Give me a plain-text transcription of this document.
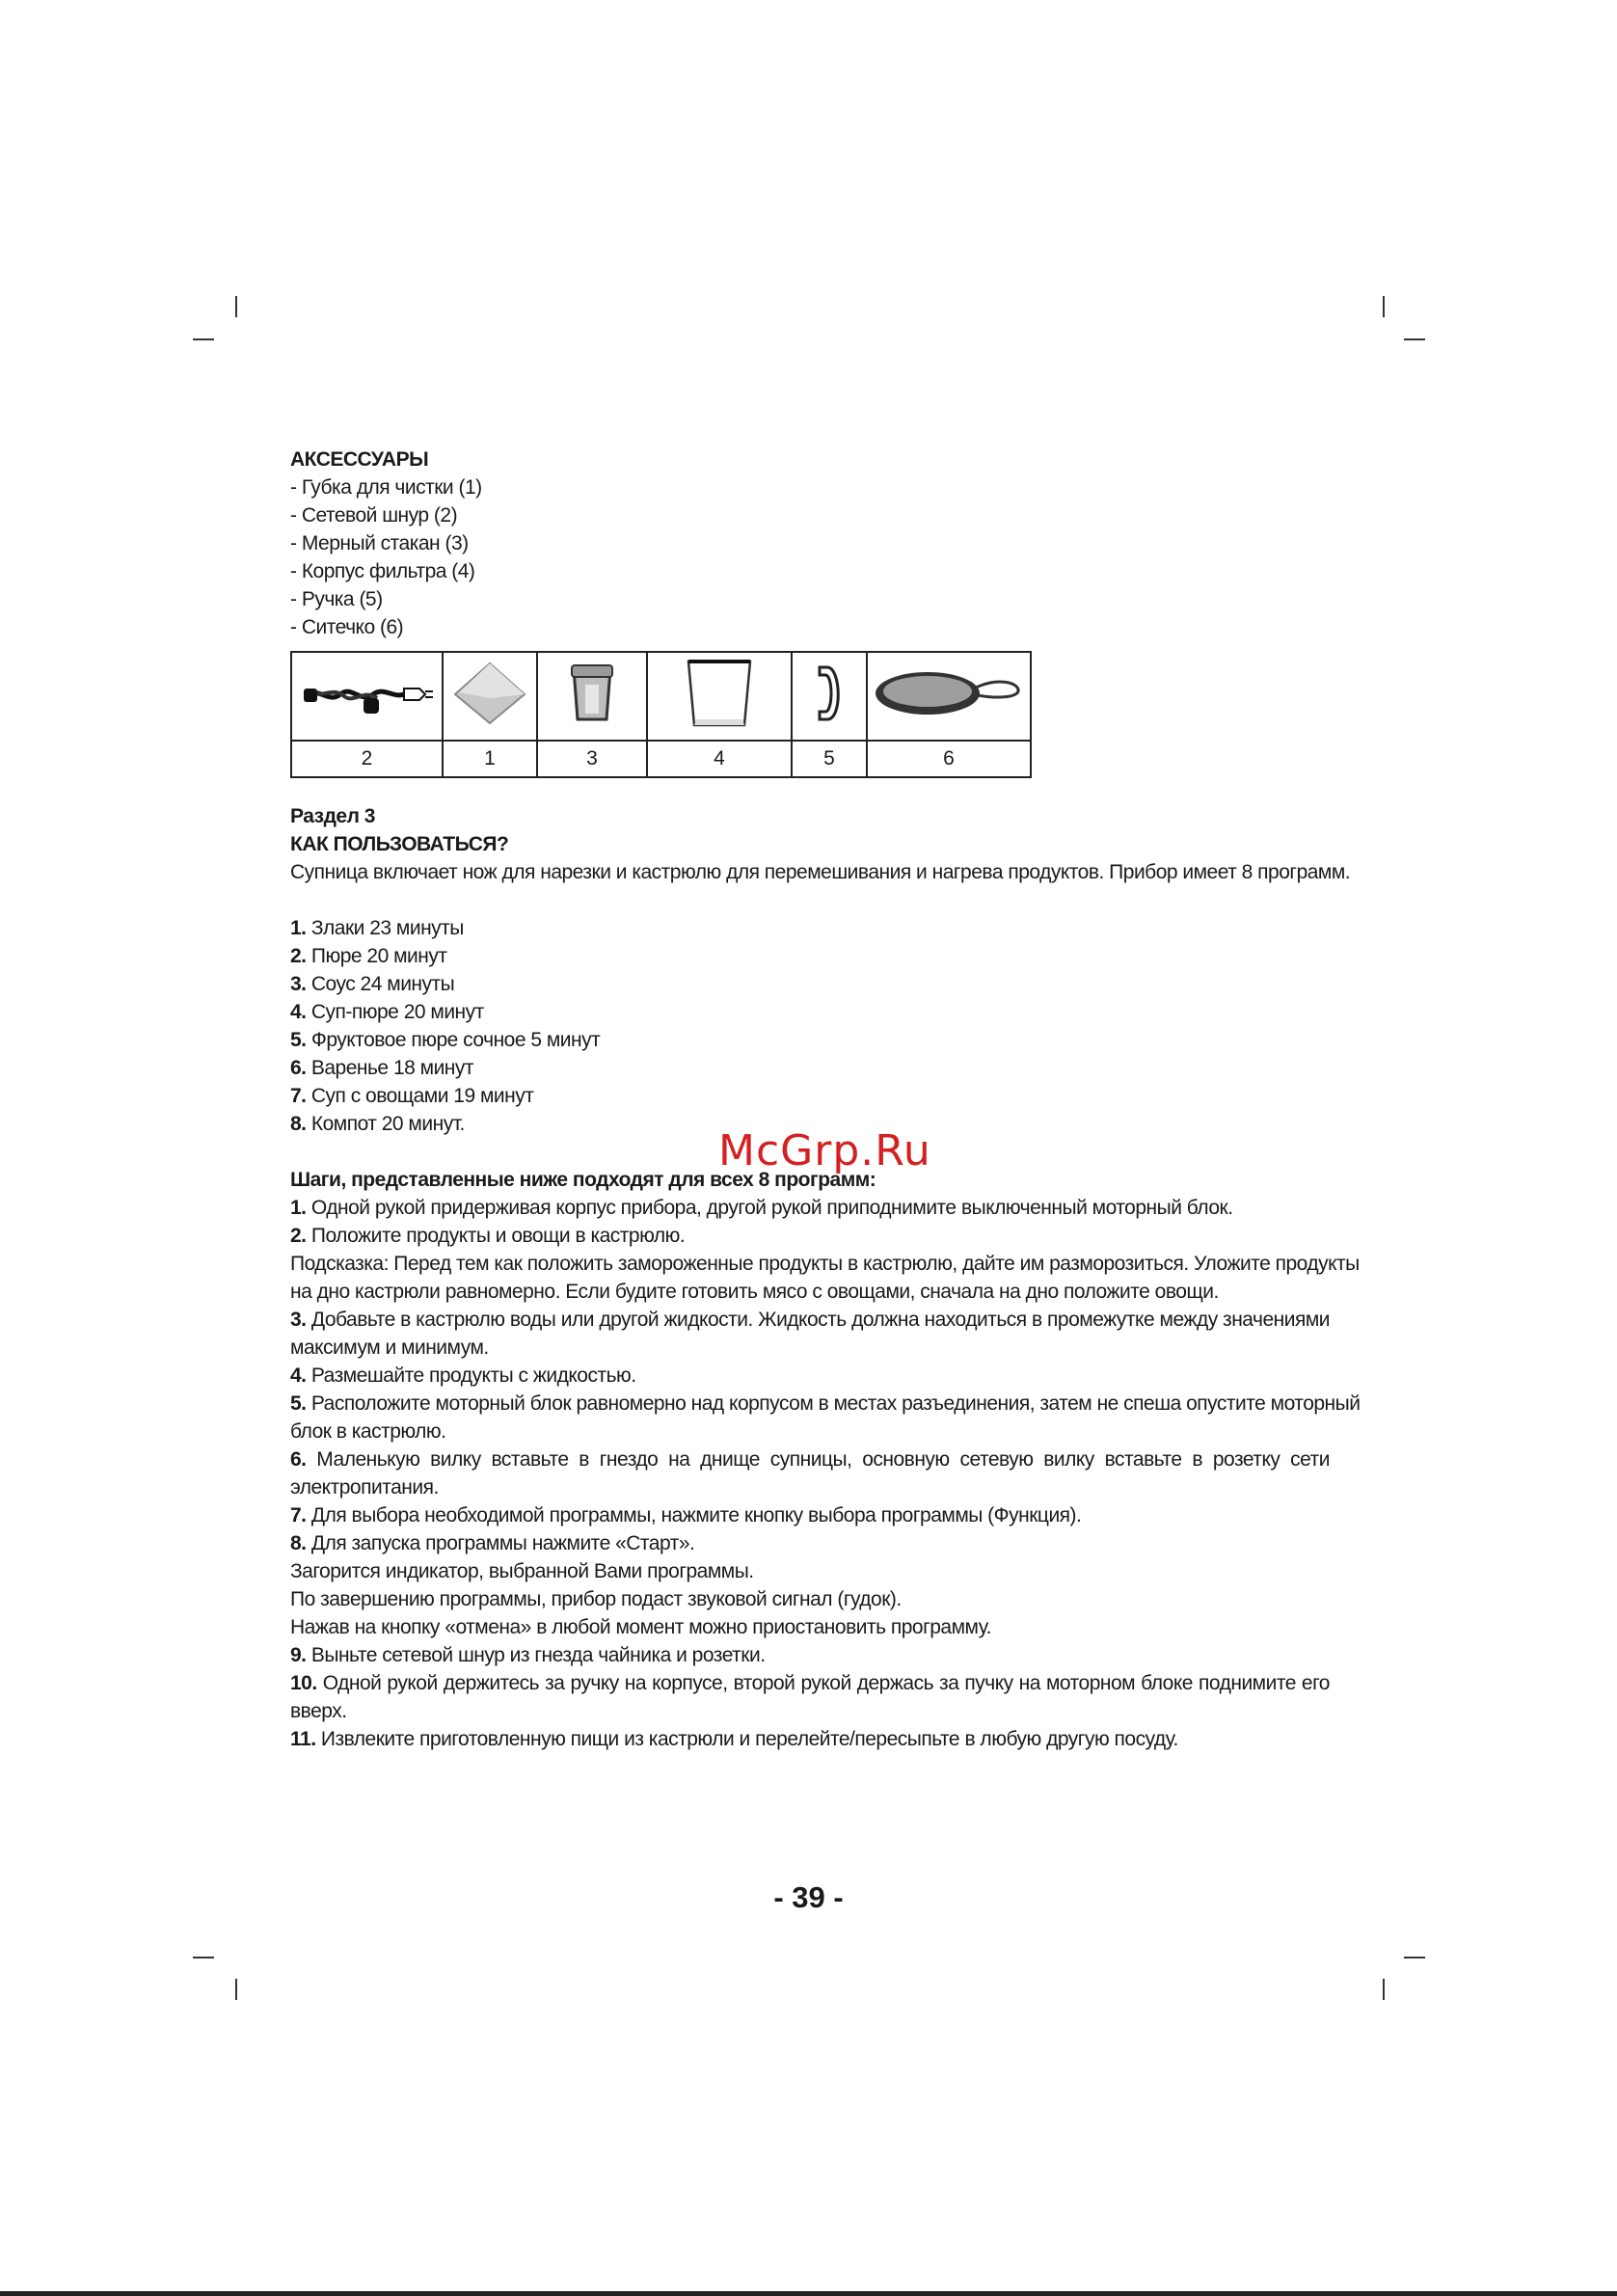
АКСЕССУАРЫ
- Губка для чистки (1)
- Сетевой шнур (2)
- Мерный стакан (3)
- Корпус фильтра (4)
- Ручка (5)
- Ситечко (6)

2	1	3	4	5	6
Раздел 3
КАК ПОЛЬЗОВАТЬСЯ?
Супница включает нож для нарезки и кастрюлю для перемешивания и нагрева продуктов. Прибор имеет 8 программ.
1. Злаки 23 минуты
2. Пюре 20 минут
3. Соус 24 минуты
4. Суп-пюре 20 минут
5. Фруктовое пюре сочное 5 минут
6. Варенье 18 минут
7. Суп с овощами 19 минут
8. Компот 20 минут.
Шаги, представленные ниже подходят для всех 8 программ:
1. Одной рукой придерживая корпус прибора, другой рукой приподнимите выключенный моторный блок.
2. Положите продукты и овощи в кастрюлю.
Подсказка: Перед тем как положить замороженные продукты в кастрюлю, дайте им разморозиться. Уложите продукты
на дно кастрюли равномерно. Если будите готовить мясо с овощами, сначала на дно положите овощи.
3. Добавьте в кастрюлю воды или другой жидкости. Жидкость должна находиться в промежутке между значениями
максимум и минимум.
4. Размешайте продукты с жидкостью.
5. Расположите моторный блок равномерно над корпусом в местах разъединения, затем не спеша опустите моторный
блок в кастрюлю.
6. Маленькую вилку вставьте в гнездо на днище супницы, основную сетевую вилку вставьте в розетку сети
электропитания.
7. Для выбора необходимой программы, нажмите кнопку выбора программы (Функция).
8. Для запуска программы нажмите «Старт».
Загорится индикатор, выбранной Вами программы.
По завершению программы, прибор подаст звуковой сигнал (гудок).
Нажав на кнопку «отмена» в любой момент можно приостановить программу.
9. Выньте сетевой шнур из гнезда чайника и розетки.
10. Одной рукой держитесь за ручку на корпусе, второй рукой держась за пучку на моторном блоке поднимите его
вверх.
11. Извлеките приготовленную пищи из кастрюли и перелейте/пересыпьте в любую другую посуду.
McGrp.Ru
- 39 -
